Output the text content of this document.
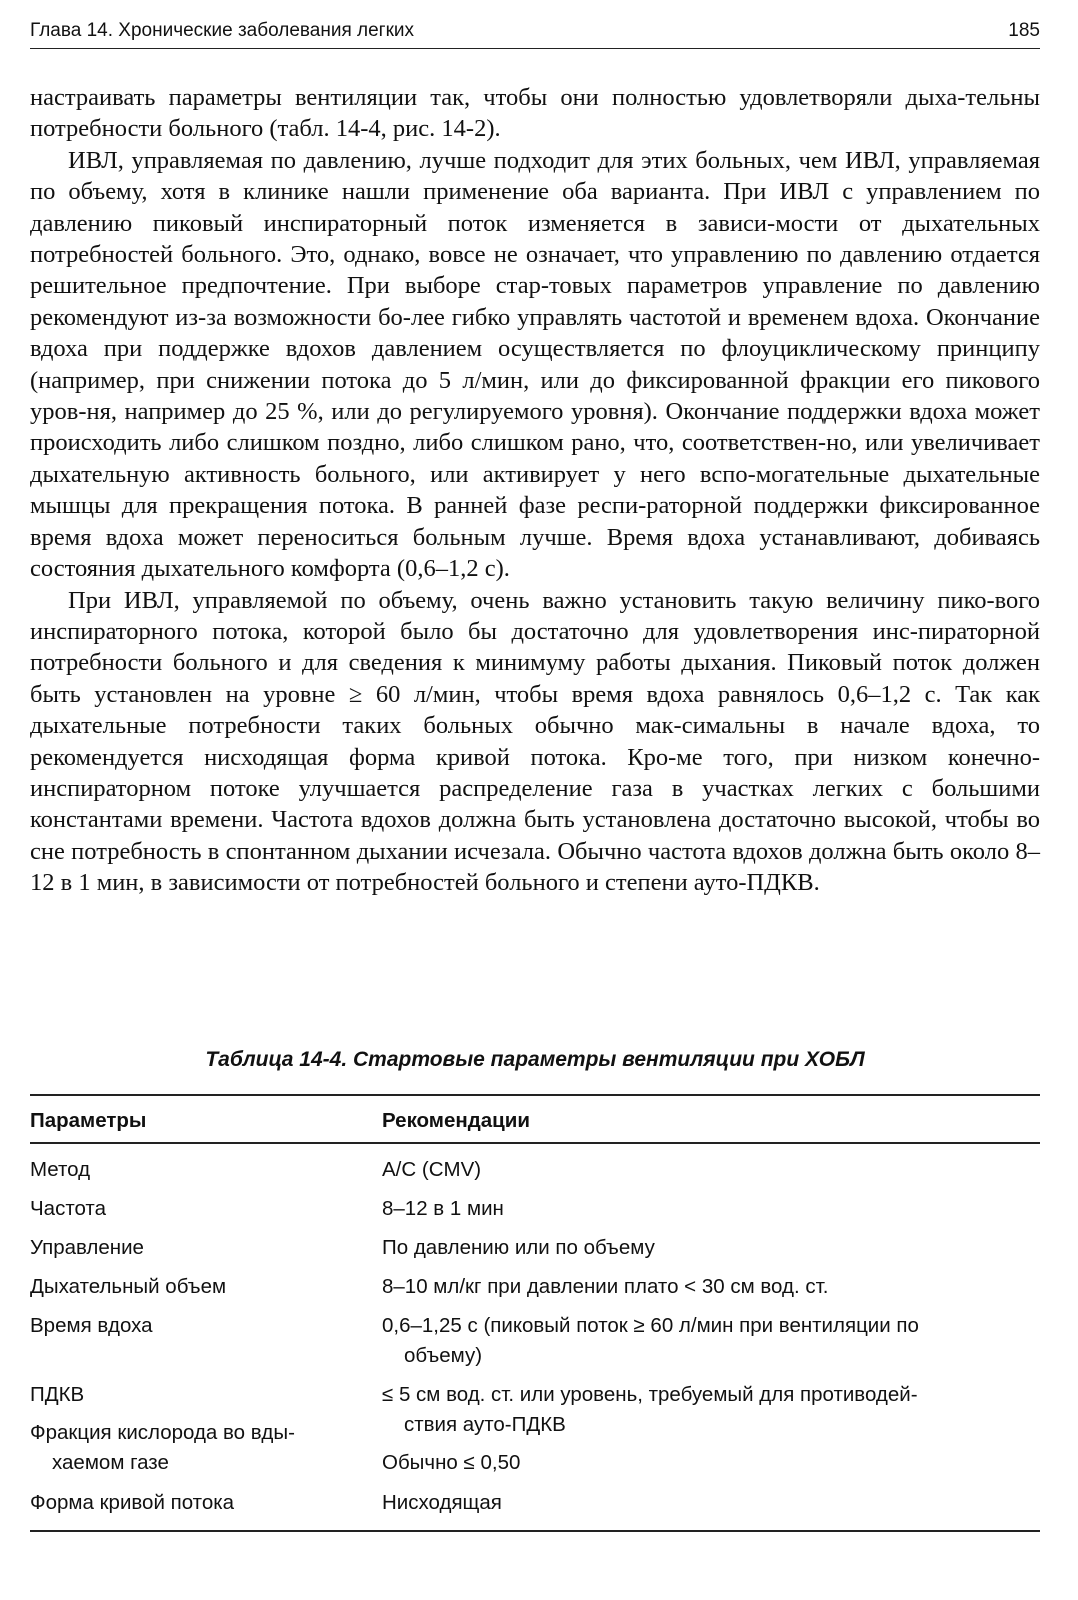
Глава 14. Хронические заболевания легких	185

настраивать параметры вентиляции так, чтобы они полностью удовлетворяли дыха-тельны потребности больного (табл. 14-4, рис. 14-2).

ИВЛ, управляемая по давлению, лучше подходит для этих больных, чем ИВЛ, управляемая по объему, хотя в клинике нашли применение оба варианта. При ИВЛ с управлением по давлению пиковый инспираторный поток изменяется в зависи-мости от дыхательных потребностей больного. Это, однако, вовсе не означает, что управлению по давлению отдается решительное предпочтение. При выборе стар-товых параметров управление по давлению рекомендуют из-за возможности бо-лее гибко управлять частотой и временем вдоха. Окончание вдоха при поддержке вдохов давлением осуществляется по флоуциклическому принципу (например, при снижении потока до 5 л/мин, или до фиксированной фракции его пикового уров-ня, например до 25 %, или до регулируемого уровня). Окончание поддержки вдоха может происходить либо слишком поздно, либо слишком рано, что, соответствен-но, или увеличивает дыхательную активность больного, или активирует у него вспо-могательные дыхательные мышцы для прекращения потока. В ранней фазе респи-раторной поддержки фиксированное время вдоха может переноситься больным лучше. Время вдоха устанавливают, добиваясь состояния дыхательного комфорта (0,6–1,2 с).

При ИВЛ, управляемой по объему, очень важно установить такую величину пико-вого инспираторного потока, которой было бы достаточно для удовлетворения инс-пираторной потребности больного и для сведения к минимуму работы дыхания. Пиковый поток должен быть установлен на уровне ≥ 60 л/мин, чтобы время вдоха равнялось 0,6–1,2 с. Так как дыхательные потребности таких больных обычно мак-симальны в начале вдоха, то рекомендуется нисходящая форма кривой потока. Кро-ме того, при низком конечно-инспираторном потоке улучшается распределение газа в участках легких с большими константами времени. Частота вдохов должна быть установлена достаточно высокой, чтобы во сне потребность в спонтанном дыхании исчезала. Обычно частота вдохов должна быть около 8–12 в 1 мин, в зависимости от потребностей больного и степени ауто-ПДКВ.

Таблица 14-4. Стартовые параметры вентиляции при ХОБЛ
Параметры	Рекомендации
Метод	A/C (CMV)
Частота	8–12 в 1 мин
Управление	По давлению или по объему
Дыхательный объем	8–10 мл/кг при давлении плато < 30 см вод. ст.
Время вдоха	0,6–1,25 с (пиковый поток ≥ 60 л/мин при вентиляции по
объему)
ПДКВ	≤ 5 см вод. ст. или уровень, требуемый для противодей-
ствия ауто-ПДКВ
Фракция кислорода во вды-
хаемом газе	Обычно ≤ 0,50
Форма кривой потока	Нисходящая
